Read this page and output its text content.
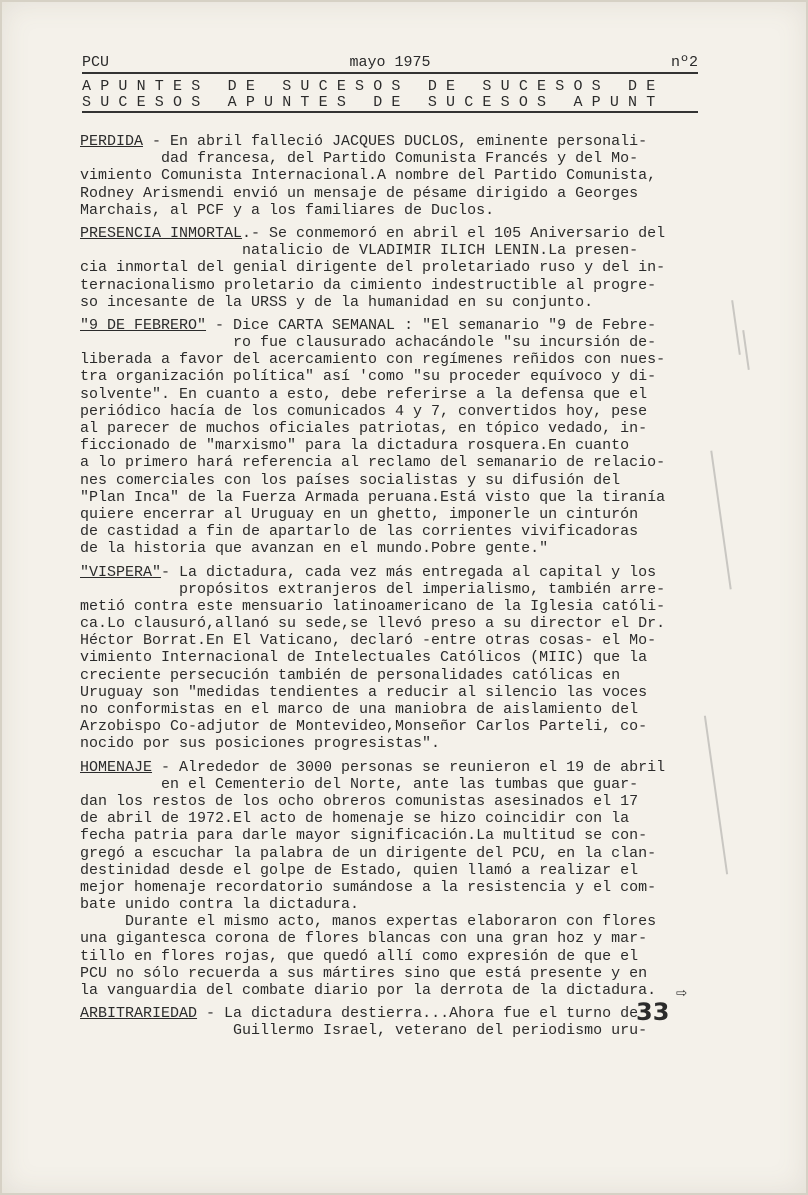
PCU	mayo 1975	nº2
APUNTES DE SUCESOS DE SUCESOS DE
SUCESOS APUNTES DE SUCESOS APUNT
PERDIDA - En abril falleció JACQUES DUCLOS, eminente personali-
dad francesa, del Partido Comunista Francés y del Mo-
vimiento Comunista Internacional.A nombre del Partido Comunista,
Rodney Arismendi envió un mensaje de pésame dirigido a Georges
Marchais, al PCF y a los familiares de Duclos.
PRESENCIA INMORTAL.- Se conmemoró en abril el 105 Aniversario del
natalicio de VLADIMIR ILICH LENIN.La presen-
cia inmortal del genial dirigente del proletariado ruso y del in-
ternacionalismo proletario da cimiento indestructible al progre-
so incesante de la URSS y de la humanidad en su conjunto.
"9 DE FEBRERO" - Dice CARTA SEMANAL : "El semanario "9 de Febre-
ro fue clausurado achacándole "su incursión de-
liberada a favor del acercamiento con regímenes reñidos con nues-
tra organización política" así 'como "su proceder equívoco y di-
solvente". En cuanto a esto, debe referirse a la defensa que el
periódico hacía de los comunicados 4 y 7, convertidos hoy, pese
al parecer de muchos oficiales patriotas, en tópico vedado, in-
ficcionado de "marxismo" para la dictadura rosquera.En cuanto
a lo primero hará referencia al reclamo del semanario de relacio-
nes comerciales con los países socialistas y su difusión del
"Plan Inca" de la Fuerza Armada peruana.Está visto que la tiranía
quiere encerrar al Uruguay en un ghetto, imponerle un cinturón
de castidad a fin de apartarlo de las corrientes vivificadoras
de la historia que avanzan en el mundo.Pobre gente."
"VISPERA"- La dictadura, cada vez más entregada al capital y los
propósitos extranjeros del imperialismo, también arre-
metió contra este mensuario latinoamericano de la Iglesia católi-
ca.Lo clausuró,allanó su sede,se llevó preso a su director el Dr.
Héctor Borrat.En El Vaticano, declaró -entre otras cosas- el Mo-
vimiento Internacional de Intelectuales Católicos (MIIC) que la
creciente persecución también de personalidades católicas en
Uruguay son "medidas tendientes a reducir al silencio las voces
no conformistas en el marco de una maniobra de aislamiento del
Arzobispo Co-adjutor de Montevideo,Monseñor Carlos Parteli, co-
nocido por sus posiciones progresistas".
HOMENAJE - Alrededor de 3000 personas se reunieron el 19 de abril
en el Cementerio del Norte, ante las tumbas que guar-
dan los restos de los ocho obreros comunistas asesinados el 17
de abril de 1972.El acto de homenaje se hizo coincidir con la
fecha patria para darle mayor significación.La multitud se con-
gregó a escuchar la palabra de un dirigente del PCU, en la clan-
destinidad desde el golpe de Estado, quien llamó a realizar el
mejor homenaje recordatorio sumándose a la resistencia y el com-
bate unido contra la dictadura.
Durante el mismo acto, manos expertas elaboraron con flores
una gigantesca corona de flores blancas con una gran hoz y mar-
tillo en flores rojas, que quedó allí como expresión de que el
PCU no sólo recuerda a sus mártires sino que está presente y en
la vanguardia del combate diario por la derrota de la dictadura.
ARBITRARIEDAD - La dictadura destierra...Ahora fue el turno de
Guillermo Israel, veterano del periodismo uru-
⇨
33
